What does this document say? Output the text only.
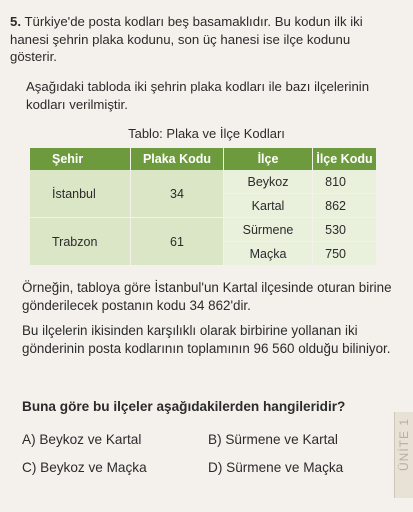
5. Türkiye'de posta kodları beş basamaklıdır. Bu kodun ilk iki hanesi şehrin plaka kodunu, son üç hanesi ise ilçe kodunu gösterir.
Aşağıdaki tabloda iki şehrin plaka kodları ile bazı ilçelerinin kodları verilmiştir.
Tablo: Plaka ve İlçe Kodları
Şehir	Plaka Kodu	İlçe	İlçe Kodu
İstanbul	34	Beykoz	810
		Kartal	862
Trabzon	61	Sürmene	530
		Maçka	750
Örneğin, tabloya göre İstanbul'un Kartal ilçesinde oturan birine gönderilecek postanın kodu 34 862'dir.
Bu ilçelerin ikisinden karşılıklı olarak birbirine yollanan iki gönderinin posta kodlarının toplamının 96 560 olduğu biliniyor.
Buna göre bu ilçeler aşağıdakilerden hangileridir?
A) Beykoz ve Kartal	B) Sürmene ve Kartal
C) Beykoz ve Maçka	D) Sürmene ve Maçka	ÜNİTE 1
